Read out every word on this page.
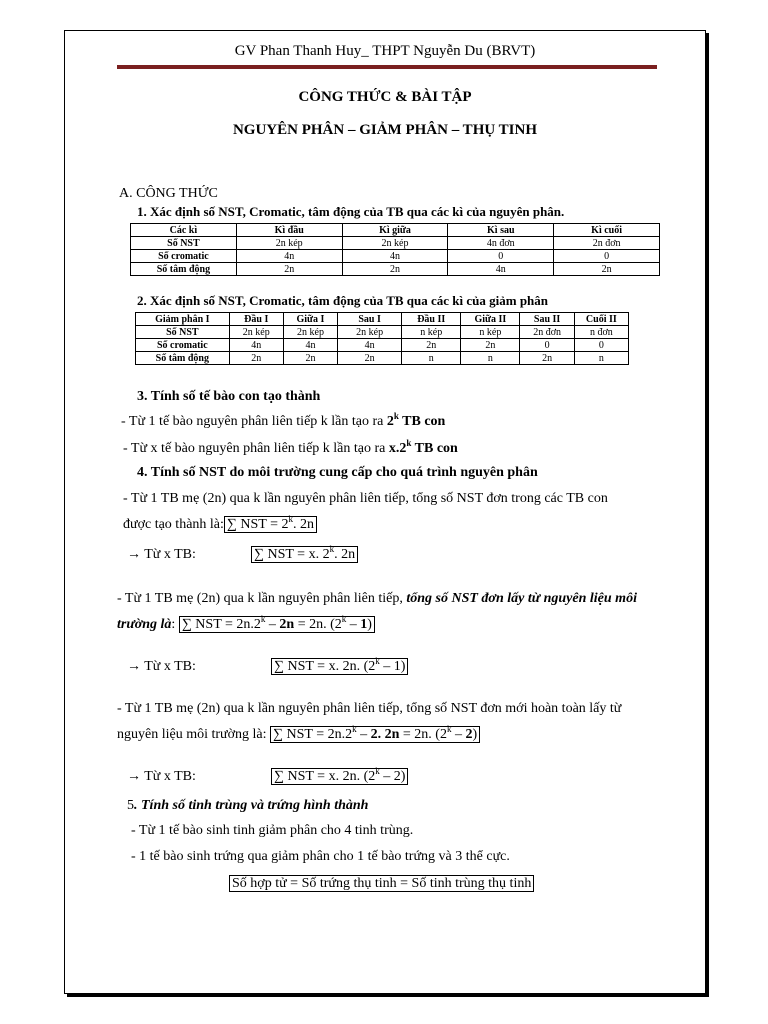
GV Phan Thanh Huy_ THPT Nguyễn Du (BRVT)
CÔNG THỨC & BÀI TẬP
NGUYÊN PHÂN – GIẢM PHÂN – THỤ TINH
A. CÔNG THỨC
1. Xác định số NST, Cromatic, tâm động của TB qua các kì của nguyên phân.
Các kì	Kì đầu	Kì giữa	Kì sau	Kì cuối
Số NST	2n kép	2n kép	4n đơn	2n đơn
Số cromatic	4n	4n	0	0
Số tâm động	2n	2n	4n	2n
2. Xác định số NST, Cromatic, tâm động của TB qua các kì của giảm phân
Giảm phân I	Đầu I	Giữa I	Sau I	Đầu II	Giữa II	Sau II	Cuối II
Số NST	2n kép	2n kép	2n kép	n kép	n kép	2n đơn	n đơn
Số cromatic	4n	4n	4n	2n	2n	0	0
Số tâm động	2n	2n	2n	n	n	2n	n
3. Tính số tế bào con tạo thành
- Từ 1 tế bào nguyên phân liên tiếp k lần tạo ra 2$^k$ TB con
- Từ x tế bào nguyên phân liên tiếp k lần tạo ra x.2$^k$ TB con
4. Tính số NST do môi trường cung cấp cho quá trình nguyên phân
- Từ 1 TB mẹ (2n) qua k lần nguyên phân liên tiếp, tổng số NST đơn trong các TB con
được tạo thành là: ∑ NST = $2^k$. 2n
→ Từ x TB:	∑ NST = x. 2$^k$. 2n
- Từ 1 TB mẹ (2n) qua k lần nguyên phân liên tiếp, tổng số NST đơn lấy từ nguyên liệu môi
trường là: ∑ NST = $2n.2^k - 2n = 2n$. (2$^k$ – 1)
→ Từ x TB:	∑ NST = x. 2n. (2$^k$ – 1)
- Từ 1 TB mẹ (2n) qua k lần nguyên phân liên tiếp, tổng số NST đơn mới hoàn toàn lấy từ
nguyên liệu môi trường là: ∑ NST = $2n.2^k - 2$. 2n = 2n. (2$^k$ – 2)
→ Từ x TB:	∑ NST = x. 2n. (2$^k$ – 2)
5. Tính số tinh trùng và trứng hình thành
- Từ 1 tế bào sinh tinh giảm phân cho 4 tinh trùng.
- 1 tế bào sinh trứng qua giảm phân cho 1 tế bào trứng và 3 thể cực.
Số hợp tử = Số trứng thụ tinh = Số tinh trùng thụ tinh
